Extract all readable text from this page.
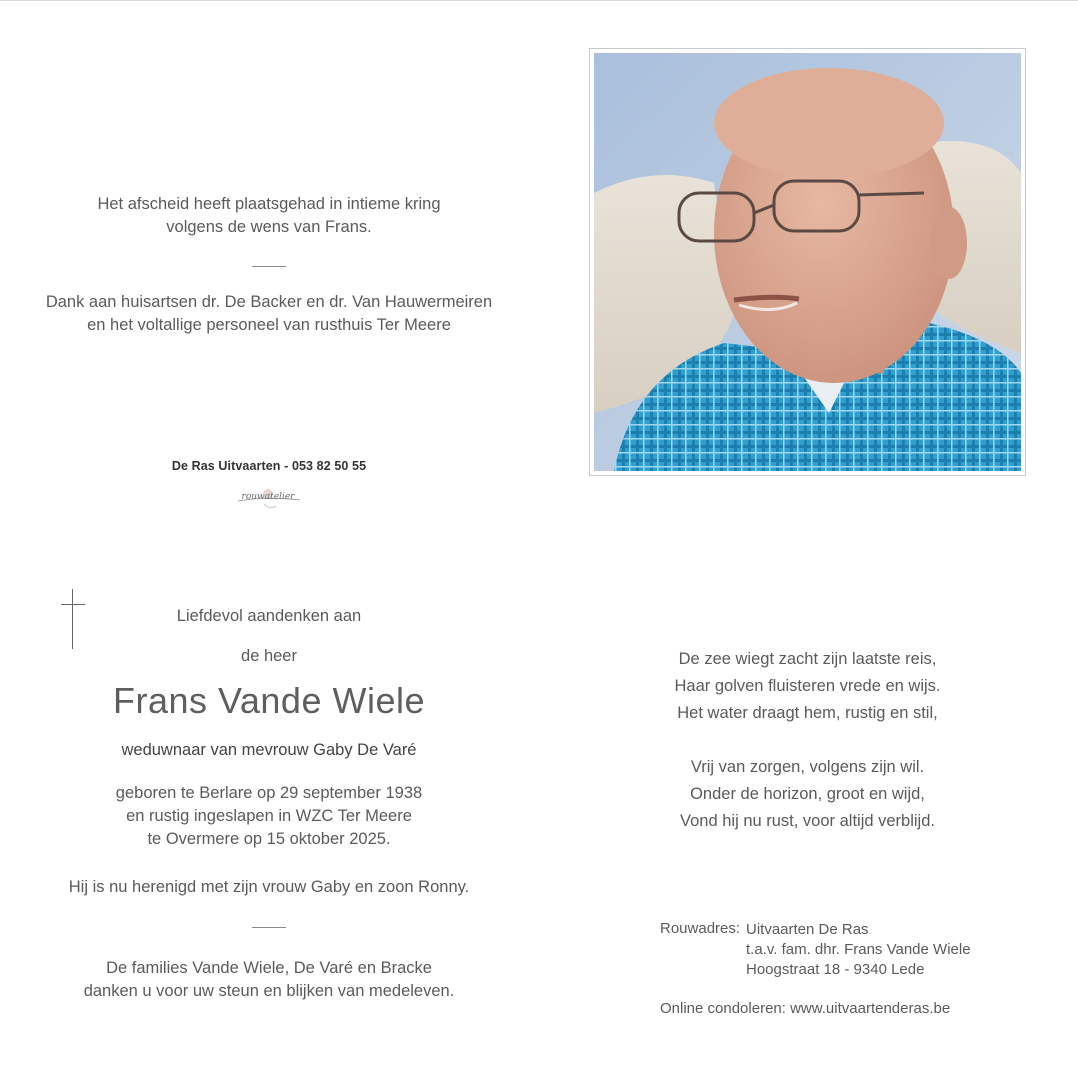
Het afscheid heeft plaatsgehad in intieme kring
volgens de wens van Frans.
Dank aan huisartsen dr. De Backer en dr. Van Hauwermeiren
en het voltallige personeel van rusthuis Ter Meere
De Ras Uitvaarten - 053 82 50 55
rouwatelier
Liefdevol aandenken aan
de heer
Frans Vande Wiele
weduwnaar van mevrouw Gaby De Varé
geboren te Berlare op 29 september 1938
en rustig ingeslapen in WZC Ter Meere
te Overmere op 15 oktober 2025.
Hij is nu herenigd met zijn vrouw Gaby en zoon Ronny.
De families Vande Wiele, De Varé en Bracke
danken u voor uw steun en blijken van medeleven.
De zee wiegt zacht zijn laatste reis,
Haar golven fluisteren vrede en wijs.
Het water draagt hem, rustig en stil,
Vrij van zorgen, volgens zijn wil.
Onder de horizon, groot en wijd,
Vond hij nu rust, voor altijd verblijd.
Rouwadres: Uitvaarten De Ras
t.a.v. fam. dhr. Frans Vande Wiele
Hoogstraat 18 - 9340 Lede
Online condoleren: www.uitvaartenderas.be
